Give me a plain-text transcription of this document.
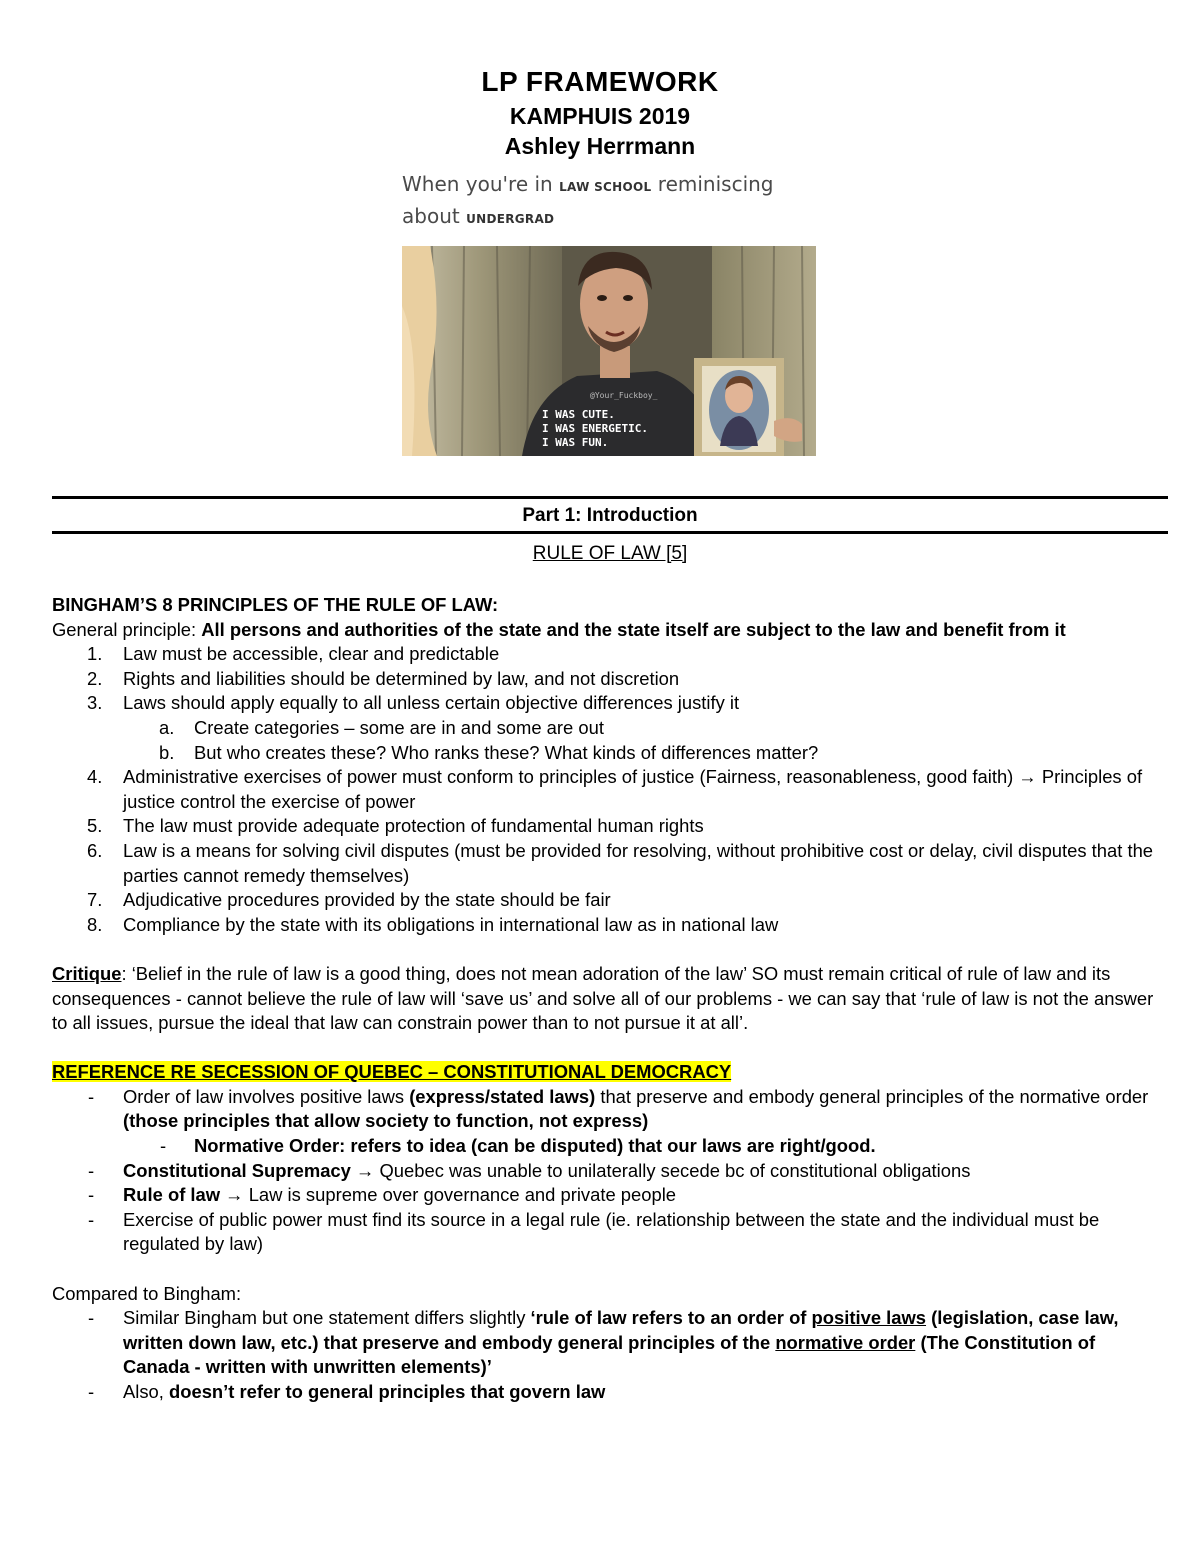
LP FRAMEWORK
KAMPHUIS 2019
Ashley Herrmann
When you're in LAW SCHOOL reminiscing
about UNDERGRAD
@Your_Fuckboy_
I WAS CUTE.
I WAS ENERGETIC.
I WAS FUN.
Part 1: Introduction
RULE OF LAW [5]

BINGHAM’S 8 PRINCIPLES OF THE RULE OF LAW:

General principle: All persons and authorities of the state and the state itself are subject to the law and benefit from it

1. Law must be accessible, clear and predictable
2. Rights and liabilities should be determined by law, and not discretion
3. Laws should apply equally to all unless certain objective differences justify it
a. Create categories – some are in and some are out
b. But who creates these? Who ranks these? What kinds of differences matter?
4. Administrative exercises of power must conform to principles of justice (Fairness, reasonableness, good faith) → Principles of justice control the exercise of power
5. The law must provide adequate protection of fundamental human rights
6. Law is a means for solving civil disputes (must be provided for resolving, without prohibitive cost or delay, civil disputes that the parties cannot remedy themselves)
7. Adjudicative procedures provided by the state should be fair
8. Compliance by the state with its obligations in international law as in national law

Critique: ‘Belief in the rule of law is a good thing, does not mean adoration of the law’ SO must remain critical of rule of law and its consequences - cannot believe the rule of law will ‘save us’ and solve all of our problems - we can say that ‘rule of law is not the answer to all issues, pursue the ideal that law can constrain power than to not pursue it at all’.

REFERENCE RE SECESSION OF QUEBEC – CONSTITUTIONAL DEMOCRACY

- Order of law involves positive laws (express/stated laws) that preserve and embody general principles of the normative order (those principles that allow society to function, not express)
- Normative Order: refers to idea (can be disputed) that our laws are right/good.
- Constitutional Supremacy → Quebec was unable to unilaterally secede bc of constitutional obligations
- Rule of law → Law is supreme over governance and private people
- Exercise of public power must find its source in a legal rule (ie. relationship between the state and the individual must be regulated by law)

Compared to Bingham:

- Similar Bingham but one statement differs slightly ‘rule of law refers to an order of positive laws (legislation, case law, written down law, etc.) that preserve and embody general principles of the normative order (The Constitution of Canada - written with unwritten elements)’
- Also, doesn’t refer to general principles that govern law
